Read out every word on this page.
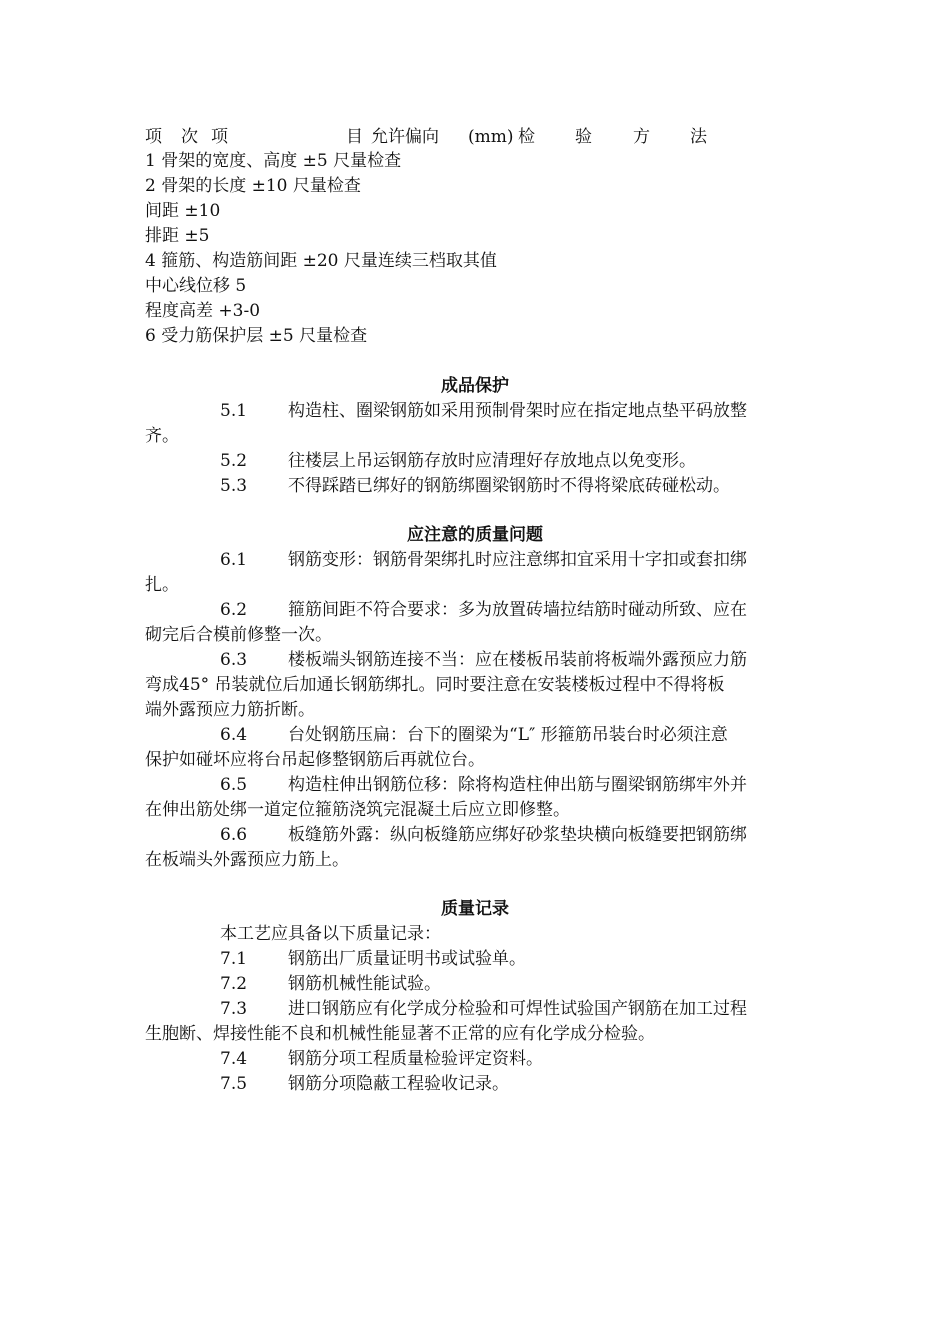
项 次 项	目 允许偏向 (mm) 检 验 方 法
1 骨架的宽度、高度 ±5 尺量检查
2 骨架的长度 ±10 尺量检查
间距 ±10
排距 ±5
4 箍筋、构造筋间距 ±20 尺量连续三档取其值
中心线位移 5
程度高差 +3-0
6 受力筋保护层 ±5 尺量检查
成品保护
5.1	构造柱、圈梁钢筋如采用预制骨架时应在指定地点垫平码放整
齐。
5.2	往楼层上吊运钢筋存放时应清理好存放地点以免变形。
5.3	不得踩踏已绑好的钢筋绑圈梁钢筋时不得将梁底砖碰松动。
应注意的质量问题
6.1	钢筋变形：钢筋骨架绑扎时应注意绑扣宜采用十字扣或套扣绑
扎。
6.2	箍筋间距不符合要求：多为放置砖墙拉结筋时碰动所致、应在
砌完后合模前修整一次。
6.3	楼板端头钢筋连接不当：应在楼板吊装前将板端外露预应力筋
弯成45° 吊装就位后加通长钢筋绑扎。同时要注意在安装楼板过程中不得将板
端外露预应力筋折断。
6.4	台处钢筋压扁：台下的圈梁为“L″ 形箍筋吊装台时必须注意
保护如碰坏应将台吊起修整钢筋后再就位台。
6.5	构造柱伸出钢筋位移：除将构造柱伸出筋与圈梁钢筋绑牢外并
在伸出筋处绑一道定位箍筋浇筑完混凝土后应立即修整。
6.6	板缝筋外露：纵向板缝筋应绑好砂浆垫块横向板缝要把钢筋绑
在板端头外露预应力筋上。
质量记录
本工艺应具备以下质量记录：
7.1	钢筋出厂质量证明书或试验单。
7.2	钢筋机械性能试验。
7.3	进口钢筋应有化学成分检验和可焊性试验国产钢筋在加工过程
生胞断、焊接性能不良和机械性能显著不正常的应有化学成分检验。
7.4	钢筋分项工程质量检验评定资料。
7.5	钢筋分项隐蔽工程验收记录。
